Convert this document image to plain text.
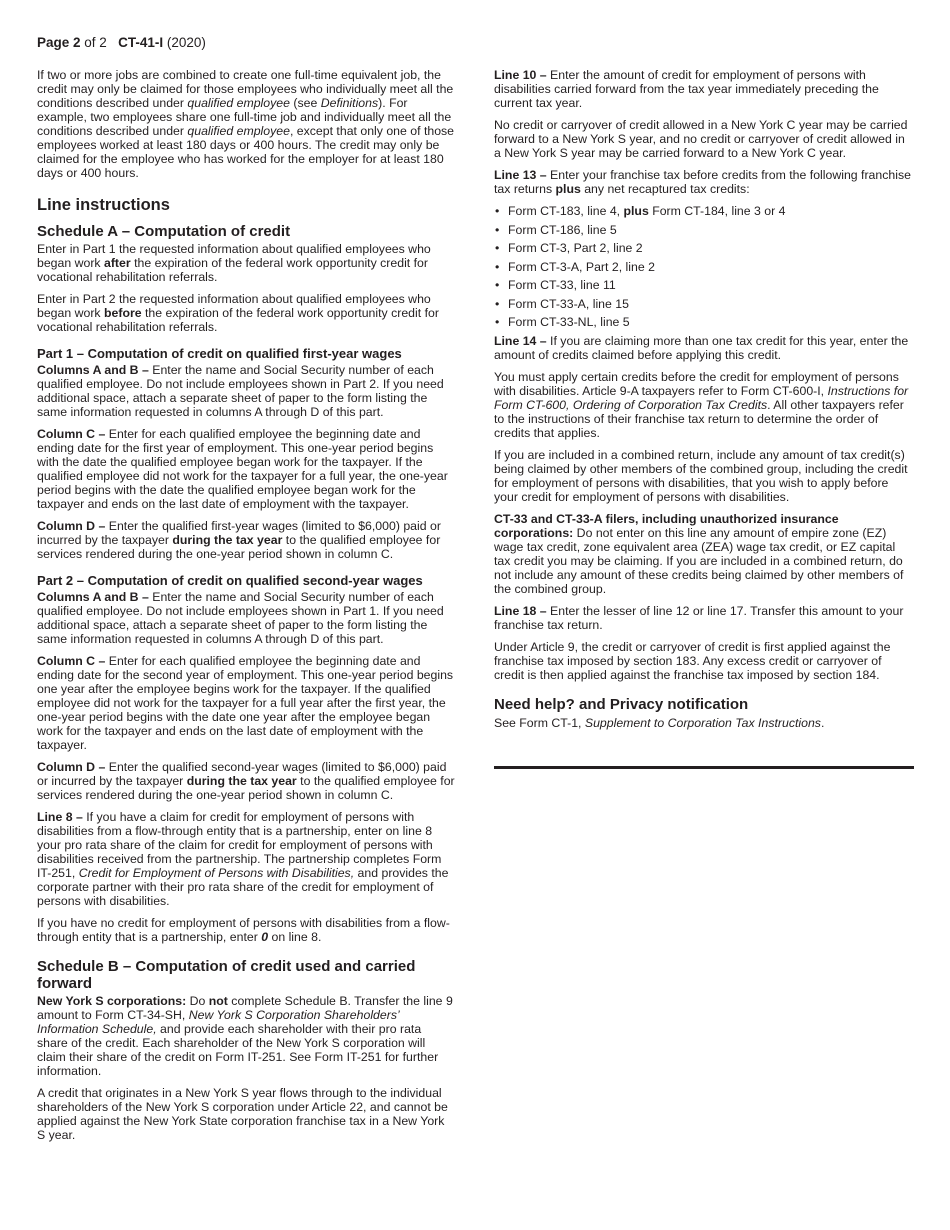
Page 2 of 2 CT-41-I (2020)

If two or more jobs are combined to create one full-time equivalent job, the credit may only be claimed for those employees who individually meet all the conditions described under qualified employee (see Definitions). For example, two employees share one full-time job and individually meet all the conditions described under qualified employee, except that only one of those employees worked at least 180 days or 400 hours. The credit may only be claimed for the employee who has worked for the employer for at least 180 days or 400 hours.

Line instructions
Schedule A – Computation of credit

Enter in Part 1 the requested information about qualified employees who began work after the expiration of the federal work opportunity credit for vocational rehabilitation referrals.

Enter in Part 2 the requested information about qualified employees who began work before the expiration of the federal work opportunity credit for vocational rehabilitation referrals.

Part 1 – Computation of credit on qualified first-year wages

Columns A and B – Enter the name and Social Security number of each qualified employee. Do not include employees shown in Part 2. If you need additional space, attach a separate sheet of paper to the form listing the same information requested in columns A through D of this part.

Column C – Enter for each qualified employee the beginning date and ending date for the first year of employment. This one-year period begins with the date the qualified employee began work for the taxpayer. If the qualified employee did not work for the taxpayer for a full year, the one-year period begins with the date the qualified employee began work for the taxpayer and ends on the last date of employment with the taxpayer.

Column D – Enter the qualified first-year wages (limited to $6,000) paid or incurred by the taxpayer during the tax year to the qualified employee for services rendered during the one-year period shown in column C.

Part 2 – Computation of credit on qualified second-year wages

Columns A and B – Enter the name and Social Security number of each qualified employee. Do not include employees shown in Part 1. If you need additional space, attach a separate sheet of paper to the form listing the same information requested in columns A through D of this part.

Column C – Enter for each qualified employee the beginning date and ending date for the second year of employment. This one-year period begins one year after the employee begins work for the taxpayer. If the qualified employee did not work for the taxpayer for a full year after the first year, the one-year period begins with the date one year after the employee began work for the taxpayer and ends on the last date of employment with the taxpayer.

Column D – Enter the qualified second-year wages (limited to $6,000) paid or incurred by the taxpayer during the tax year to the qualified employee for services rendered during the one-year period shown in column C.

Line 8 – If you have a claim for credit for employment of persons with disabilities from a flow-through entity that is a partnership, enter on line 8 your pro rata share of the claim for credit for employment of persons with disabilities received from the partnership. The partnership completes Form IT-251, Credit for Employment of Persons with Disabilities, and provides the corporate partner with their pro rata share of the credit for employment of persons with disabilities.

If you have no credit for employment of persons with disabilities from a flow-through entity that is a partnership, enter 0 on line 8.

Schedule B – Computation of credit used and carried forward

New York S corporations: Do not complete Schedule B. Transfer the line 9 amount to Form CT-34-SH, New York S Corporation Shareholders’ Information Schedule, and provide each shareholder with their pro rata share of the credit. Each shareholder of the New York S corporation will claim their share of the credit on Form IT-251. See Form IT-251 for further information.

A credit that originates in a New York S year flows through to the individual shareholders of the New York S corporation under Article 22, and cannot be applied against the New York State corporation franchise tax in a New York S year.

Line 10 – Enter the amount of credit for employment of persons with disabilities carried forward from the tax year immediately preceding the current tax year.

No credit or carryover of credit allowed in a New York C year may be carried forward to a New York S year, and no credit or carryover of credit allowed in a New York S year may be carried forward to a New York C year.

Line 13 – Enter your franchise tax before credits from the following franchise tax returns plus any net recaptured tax credits:

• Form CT-183, line 4, plus Form CT-184, line 3 or 4
• Form CT-186, line 5
• Form CT-3, Part 2, line 2
• Form CT-3-A, Part 2, line 2
• Form CT-33, line 11
• Form CT-33-A, line 15
• Form CT-33-NL, line 5

Line 14 – If you are claiming more than one tax credit for this year, enter the amount of credits claimed before applying this credit.

You must apply certain credits before the credit for employment of persons with disabilities. Article 9-A taxpayers refer to Form CT-600-I, Instructions for Form CT-600, Ordering of Corporation Tax Credits. All other taxpayers refer to the instructions of their franchise tax return to determine the order of credits that applies.

If you are included in a combined return, include any amount of tax credit(s) being claimed by other members of the combined group, including the credit for employment of persons with disabilities, that you wish to apply before your credit for employment of persons with disabilities.

CT-33 and CT-33-A filers, including unauthorized insurance corporations: Do not enter on this line any amount of empire zone (EZ) wage tax credit, zone equivalent area (ZEA) wage tax credit, or EZ capital tax credit you may be claiming. If you are included in a combined return, do not include any amount of these credits being claimed by other members of the combined group.

Line 18 – Enter the lesser of line 12 or line 17. Transfer this amount to your franchise tax return.

Under Article 9, the credit or carryover of credit is first applied against the franchise tax imposed by section 183. Any excess credit or carryover of credit is then applied against the franchise tax imposed by section 184.

Need help? and Privacy notification

See Form CT-1, Supplement to Corporation Tax Instructions.
